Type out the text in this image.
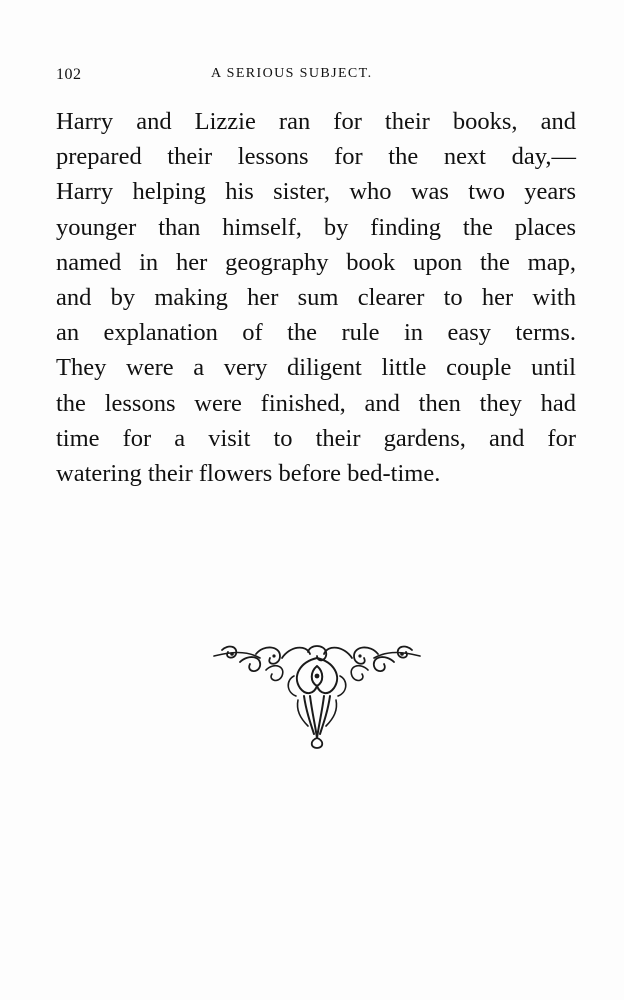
102	A SERIOUS SUBJECT.

Harry and Lizzie ran for their books, and
prepared their lessons for the next day,—
Harry helping his sister, who was two years
younger than himself, by finding the places
named in her geography book upon the map,
and by making her sum clearer to her with
an explanation of the rule in easy terms.
They were a very diligent little couple until
the lessons were finished, and then they had
time for a visit to their gardens, and for
watering their flowers before bed-time.
